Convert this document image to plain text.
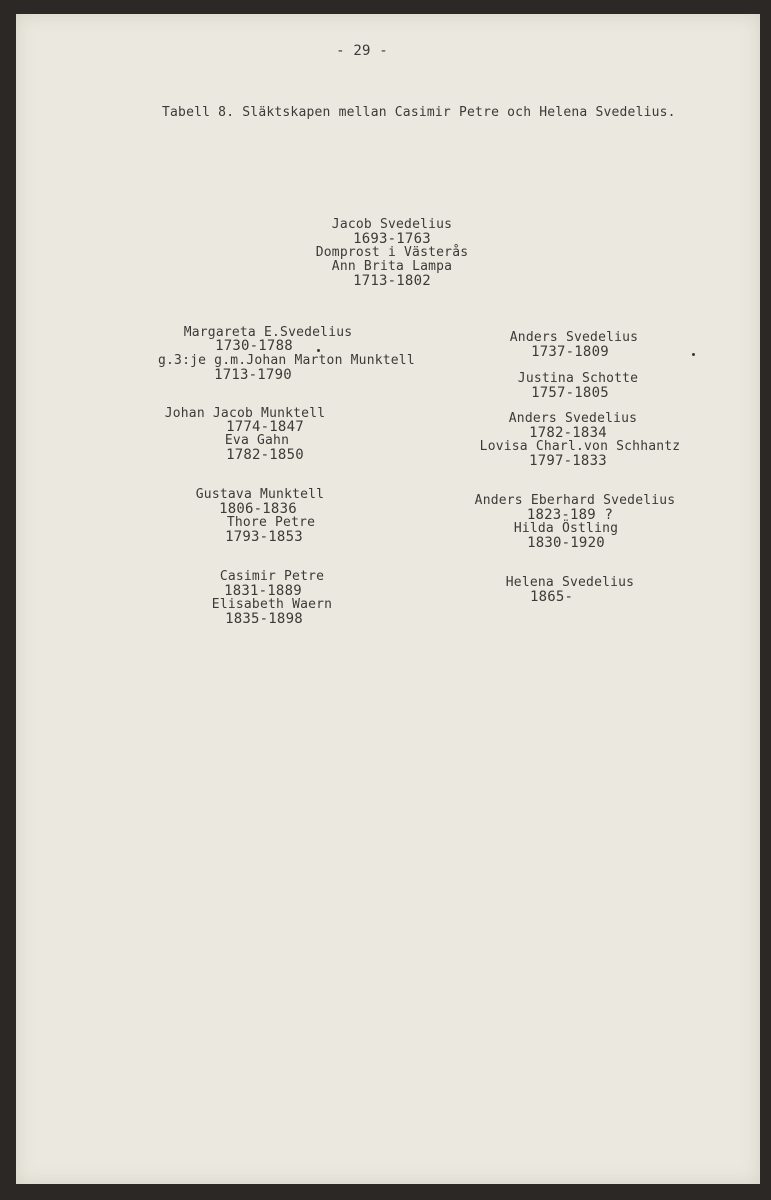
- 29 -
Tabell 8. Släktskapen mellan Casimir Petre och Helena Svedelius.
Jacob Svedelius
1693-1763
Domprost i Västerås
Ann Brita Lampa
1713-1802
Margareta E.Svedelius
1730-1788
g.3:je g.m.Johan Marton Munktell
1713-1790
Johan Jacob Munktell
1774-1847
Eva Gahn
1782-1850
Gustava Munktell
1806-1836
Thore Petre
1793-1853
Casimir Petre
1831-1889
Elisabeth Waern
1835-1898
Anders Svedelius
1737-1809
Justina Schotte
1757-1805
Anders Svedelius
1782-1834
Lovisa Charl.von Schhantz
1797-1833
Anders Eberhard Svedelius
1823-189 ?
Hilda Östling
1830-1920
Helena Svedelius
1865-
